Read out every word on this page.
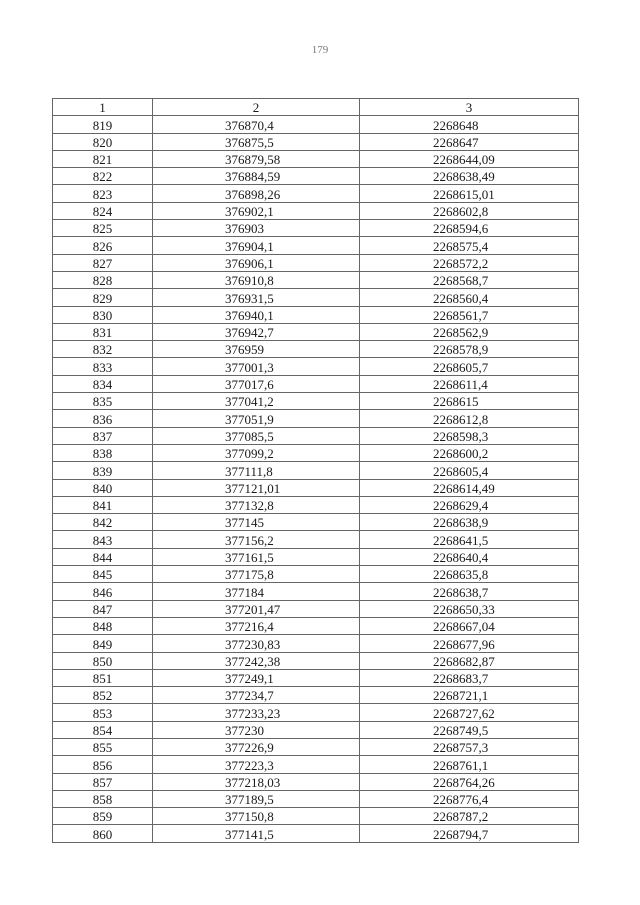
179
1	2	3
819	376870,4	2268648
820	376875,5	2268647
821	376879,58	2268644,09
822	376884,59	2268638,49
823	376898,26	2268615,01
824	376902,1	2268602,8
825	376903	2268594,6
826	376904,1	2268575,4
827	376906,1	2268572,2
828	376910,8	2268568,7
829	376931,5	2268560,4
830	376940,1	2268561,7
831	376942,7	2268562,9
832	376959	2268578,9
833	377001,3	2268605,7
834	377017,6	2268611,4
835	377041,2	2268615
836	377051,9	2268612,8
837	377085,5	2268598,3
838	377099,2	2268600,2
839	377111,8	2268605,4
840	377121,01	2268614,49
841	377132,8	2268629,4
842	377145	2268638,9
843	377156,2	2268641,5
844	377161,5	2268640,4
845	377175,8	2268635,8
846	377184	2268638,7
847	377201,47	2268650,33
848	377216,4	2268667,04
849	377230,83	2268677,96
850	377242,38	2268682,87
851	377249,1	2268683,7
852	377234,7	2268721,1
853	377233,23	2268727,62
854	377230	2268749,5
855	377226,9	2268757,3
856	377223,3	2268761,1
857	377218,03	2268764,26
858	377189,5	2268776,4
859	377150,8	2268787,2
860	377141,5	2268794,7
